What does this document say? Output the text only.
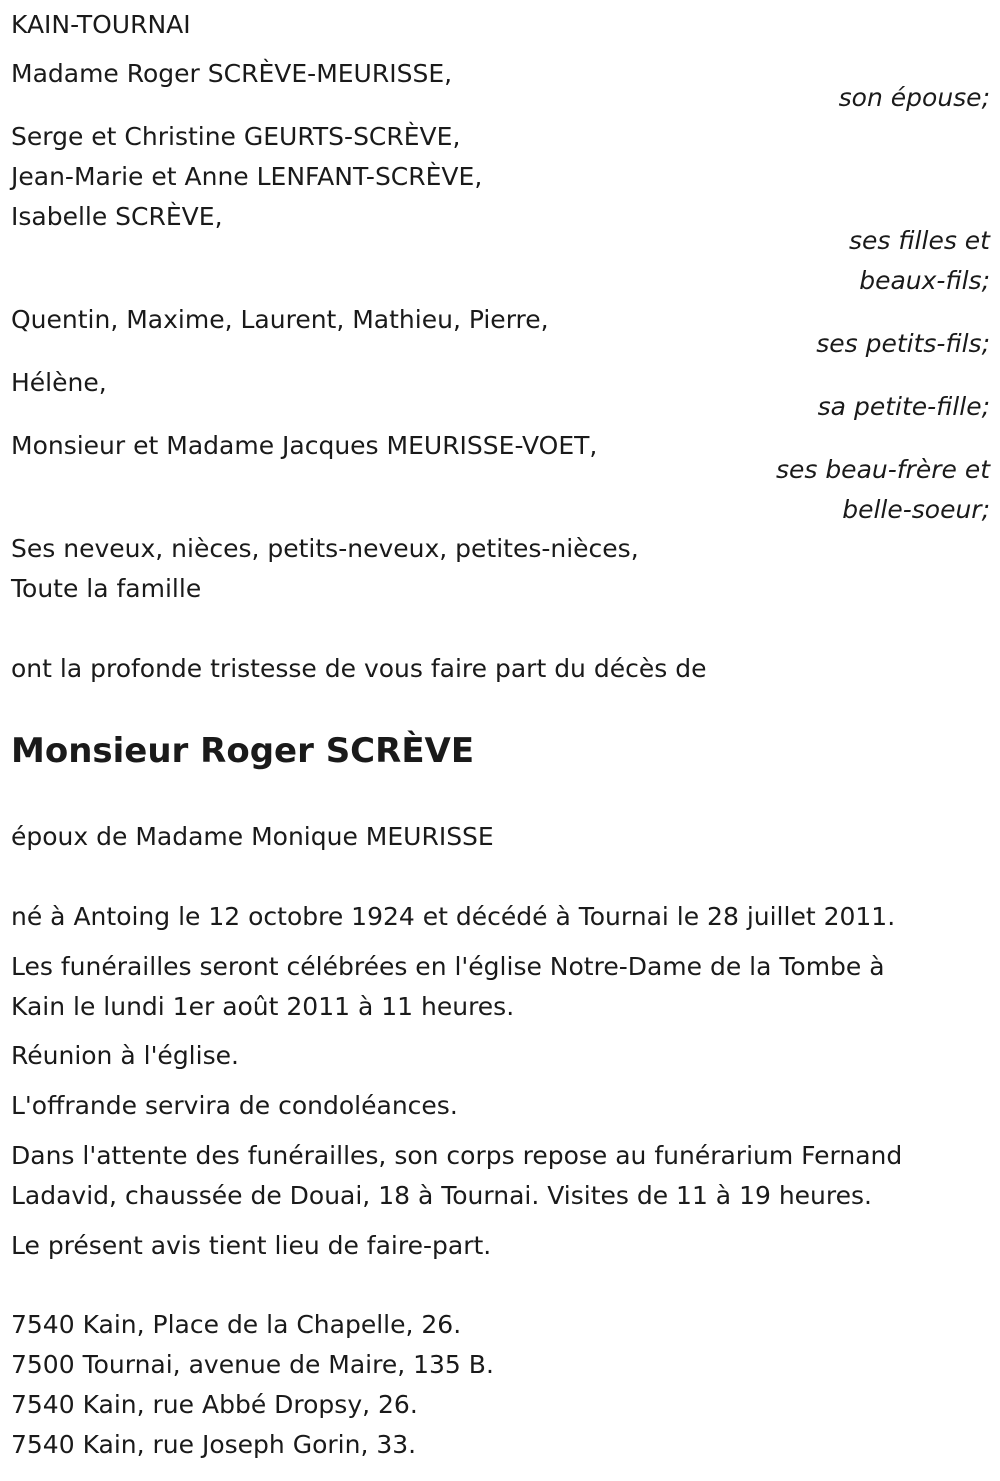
KAIN-TOURNAI
Madame Roger SCRÈVE-MEURISSE,
son épouse;
Serge et Christine GEURTS-SCRÈVE,
Jean-Marie et Anne LENFANT-SCRÈVE,
Isabelle SCRÈVE,
ses filles et
beaux-fils;
Quentin, Maxime, Laurent, Mathieu, Pierre,
ses petits-fils;
Hélène,
sa petite-fille;
Monsieur et Madame Jacques MEURISSE-VOET,
ses beau-frère et
belle-soeur;
Ses neveux, nièces, petits-neveux, petites-nièces,
Toute la famille
ont la profonde tristesse de vous faire part du décès de
Monsieur Roger SCRÈVE
époux de Madame Monique MEURISSE
né à Antoing le 12 octobre 1924 et décédé à Tournai le 28 juillet 2011.
Les funérailles seront célébrées en l'église Notre-Dame de la Tombe à
Kain le lundi 1er août 2011 à 11 heures.
Réunion à l'église.
L'offrande servira de condoléances.
Dans l'attente des funérailles, son corps repose au funérarium Fernand
Ladavid, chaussée de Douai, 18 à Tournai. Visites de 11 à 19 heures.
Le présent avis tient lieu de faire-part.
7540 Kain, Place de la Chapelle, 26.
7500 Tournai, avenue de Maire, 135 B.
7540 Kain, rue Abbé Dropsy, 26.
7540 Kain, rue Joseph Gorin, 33.
